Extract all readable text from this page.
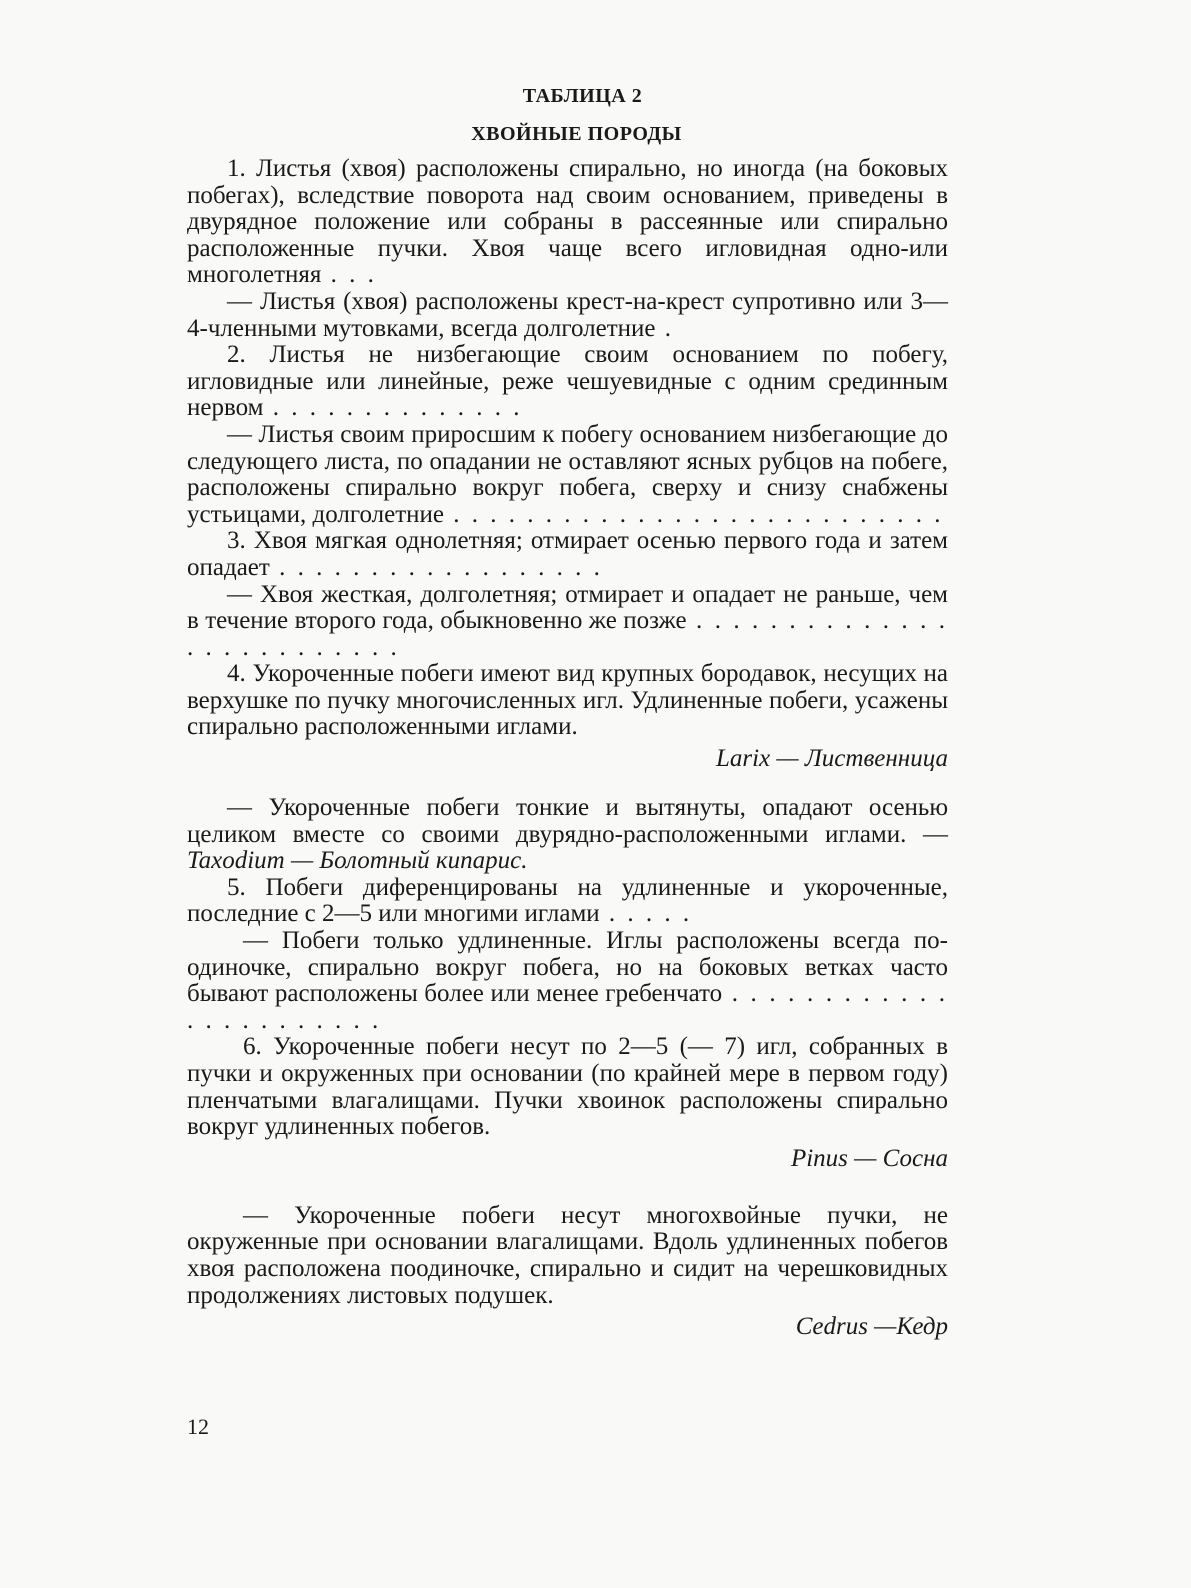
ТАБЛИЦА 2
ХВОЙНЫЕ ПОРОДЫ

1. Листья (хвоя) расположены спирально, но иногда (на боковых побегах), вследствие поворота над своим основанием, приведены в двурядное положение или собраны в рассеянные или спирально расположенные пучки. Хвоя чаще всего игловидная одно-или многолетняя . . .

— Листья (хвоя) расположены крест-на-крест супротивно или 3—4-членными мутовками, всегда долголетние .

2. Листья не низбегающие своим основанием по побегу, игловидные или линейные, реже чешуевидные с одним срединным нервом . . . . . . . . . . . . . .

— Листья своим приросшим к побегу основанием низбегающие до следующего листа, по опадании не оставляют ясных рубцов на побеге, расположены спирально вокруг побега, сверху и снизу снабжены устьицами, долголетние . . . . . . . . . . . . . . . . . . . . . . . . . . .

3. Хвоя мягкая однолетняя; отмирает осенью первого года и затем опадает . . . . . . . . . . . . . . . . . .

— Хвоя жесткая, долголетняя; отмирает и опадает не раньше, чем в течение второго года, обыкновенно же позже . . . . . . . . . . . . . . . . . . . . . . . . . .

4. Укороченные побеги имеют вид крупных бородавок, несущих на верхушке по пучку многочисленных игл. Удлиненные побеги, усажены спирально расположенными иглами.

Larix — Лиственница

— Укороченные побеги тонкие и вытянуты, опадают осенью целиком вместе со своими двурядно-расположенными иглами. — Taxodium — Болотный кипарис.

5. Побеги диференцированы на удлиненные и укороченные, последние с 2—5 или многими иглами . . . . .

— Побеги только удлиненные. Иглы расположены всегда по-одиночке, спирально вокруг побега, но на боковых ветках часто бывают расположены более или менее гребенчато . . . . . . . . . . . . . . . . . . . . . . .

6. Укороченные побеги несут по 2—5 (— 7) игл, собранных в пучки и окруженных при основании (по крайней мере в первом году) пленчатыми влагалищами. Пучки хвоинок расположены спирально вокруг удлиненных побегов.

Pinus — Сосна

— Укороченные побеги несут многохвойные пучки, не окруженные при основании влагалищами. Вдоль удлиненных побегов хвоя расположена поодиночке, спирально и сидит на черешковидных продолжениях листовых подушек.

Cedrus —Кедр

12
